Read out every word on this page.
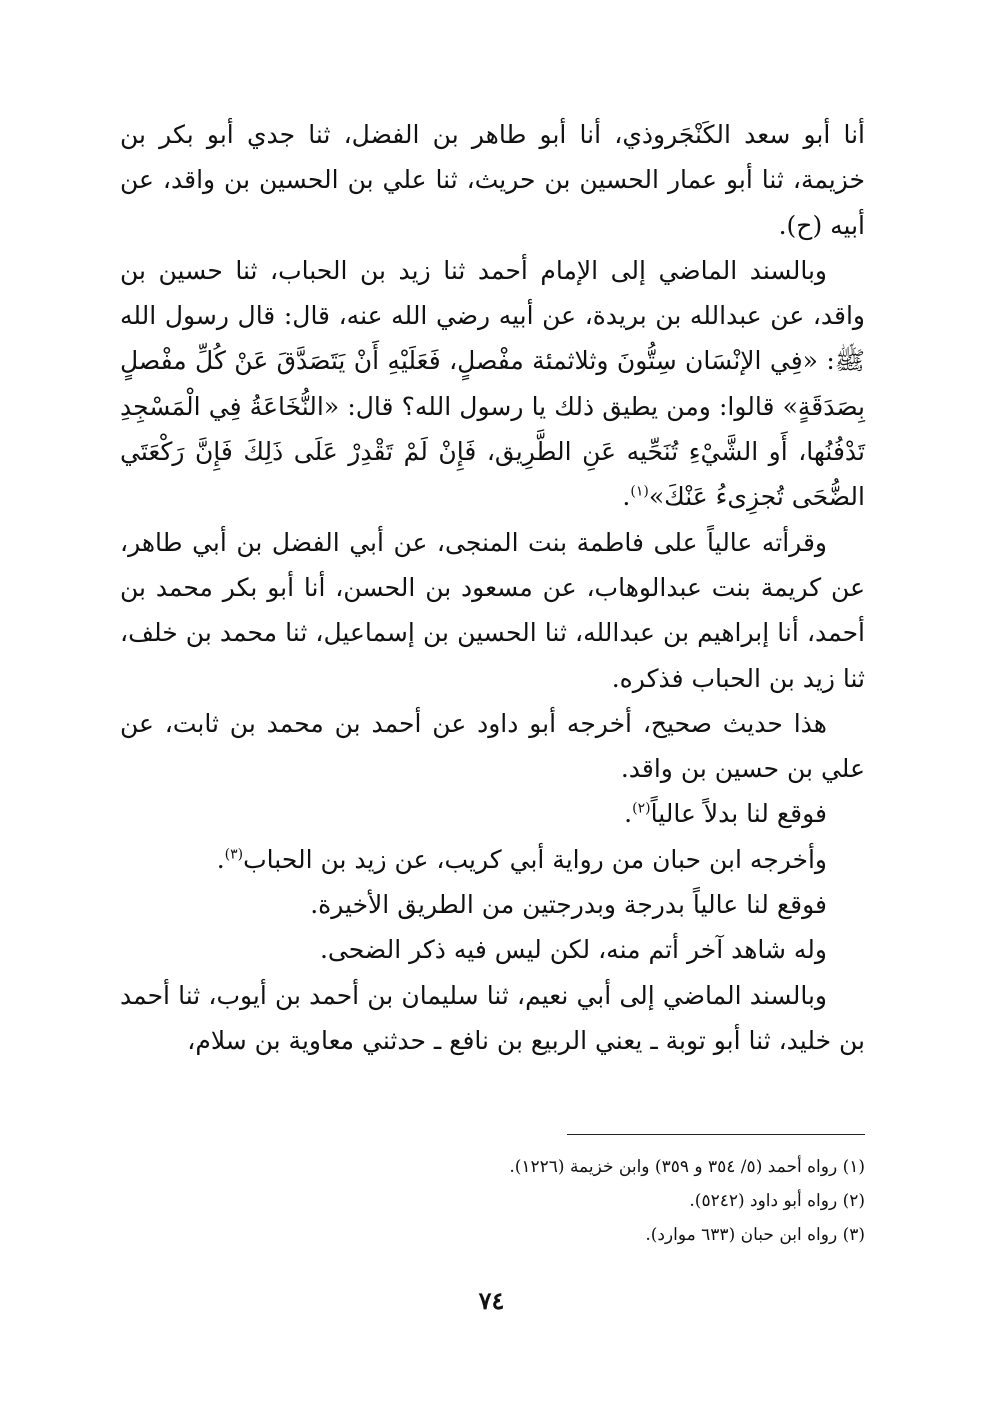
أنا أبو سعد الكَنْجَروذي، أنا أبو طاهر بن الفضل، ثنا جدي أبو بكر بن خزيمة، ثنا أبو عمار الحسين بن حريث، ثنا علي بن الحسين بن واقد، عن أبيه (ح).

وبالسند الماضي إلى الإمام أحمد ثنا زيد بن الحباب، ثنا حسين بن واقد، عن عبدالله بن بريدة، عن أبيه رضي الله عنه، قال: قال رسول الله ﷺ: «فِي الإنْسَان سِتُّونَ وثلاثمئة مفْصلٍ، فَعَلَيْهِ أَنْ يَتَصَدَّقَ عَنْ كُلِّ مفْصلٍ بِصَدَقَةٍ» قالوا: ومن يطيق ذلك يا رسول الله؟ قال: «النُّخَاعَةُ فِي الْمَسْجِدِ تَدْفُنُها، أَو الشَّيْءِ تُنَحِّيه عَنِ الطَّرِيق، فَإِنْ لَمْ تَقْدِرْ عَلَى ذَلِكَ فَإِنَّ رَكْعَتَي الضُّحَى تُجزِىءُ عَنْكَ»$^{(١)}$.

وقرأته عالياً على فاطمة بنت المنجى، عن أبي الفضل بن أبي طاهر، عن كريمة بنت عبدالوهاب، عن مسعود بن الحسن، أنا أبو بكر محمد بن أحمد، أنا إبراهيم بن عبدالله، ثنا الحسين بن إسماعيل، ثنا محمد بن خلف، ثنا زيد بن الحباب فذكره.

هذا حديث صحيح، أخرجه أبو داود عن أحمد بن محمد بن ثابت، عن علي بن حسين بن واقد.

فوقع لنا بدلاً عالياً$^{(٢)}$.

وأخرجه ابن حبان من رواية أبي كريب، عن زيد بن الحباب$^{(٣)}$.

فوقع لنا عالياً بدرجة وبدرجتين من الطريق الأخيرة.

وله شاهد آخر أتم منه، لكن ليس فيه ذكر الضحى.

وبالسند الماضي إلى أبي نعيم، ثنا سليمان بن أحمد بن أيوب، ثنا أحمد بن خليد، ثنا أبو توبة ـ يعني الربيع بن نافع ـ حدثني معاوية بن سلام،

(١) رواه أحمد (٥/ ٣٥٤ و ٣٥٩) وابن خزيمة (١٢٢٦).

(٢) رواه أبو داود (٥٢٤٢).

(٣) رواه ابن حبان (٦٣٣ موارد).

٧٤
